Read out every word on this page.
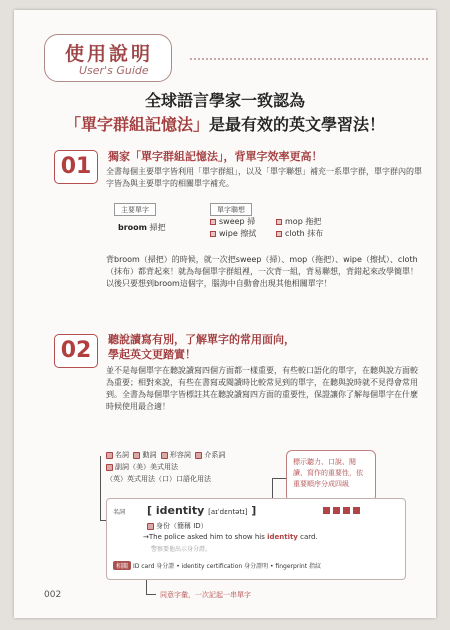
使用說明
User's Guide
全球語言學家一致認為
「單字群組記憶法」是最有效的英文學習法！
01	獨家「單字群組記憶法」，背單字效率更高！
全書每個主要單字皆利用「單字群組」，以及「單字聯想」補充一系單字群，單字群內的單字皆為與主要單字的相關單字補充。
主要單字	單字聯想
broom 掃把
sweep 掃	mop 拖把
wipe 擦拭	cloth 抹布
背broom（掃把）的時候，就一次把sweep（掃）、mop（拖把）、wipe（擦拭）、cloth（抹布）都背起來！就為每個單字群組裡，一次背一組，背易聯想，背錯起來改學簡單！以後只要想到broom這個字，腦海中自動會出現其他相關單字！
02	聽說讀寫有別，了解單字的常用面向，
學起英文更踏實！
並不是每個單字在聽說讀寫四個方面都一樣重要，有些較口語化的單字，在聽與說方面較為重要；相對來說，有些在書寫或閱讀時比較常見到的單字，在聽與說時就不見得會常用到。全書為每個單字皆標註其在聽說讀寫四方面的重要性，保證讓你了解每個單字在什麼時候使用最合適！
名詞 動詞 形容詞 介系詞
副詞（美）美式用法
（英）英式用法（口）口語化用法
標示聽力、口說、閱讀、寫作的重要性，依重要順序分成四級
名詞 [ identity [aɪˈdɛntətɪ] ]
身份（簡稱 ID）
→The police asked him to show his identity card.
警察要他出示身分證。
相關 ID card 身分證 • identity certification 身分證明 • fingerprint 指紋
同意字彙，一次記起一串單字
002
